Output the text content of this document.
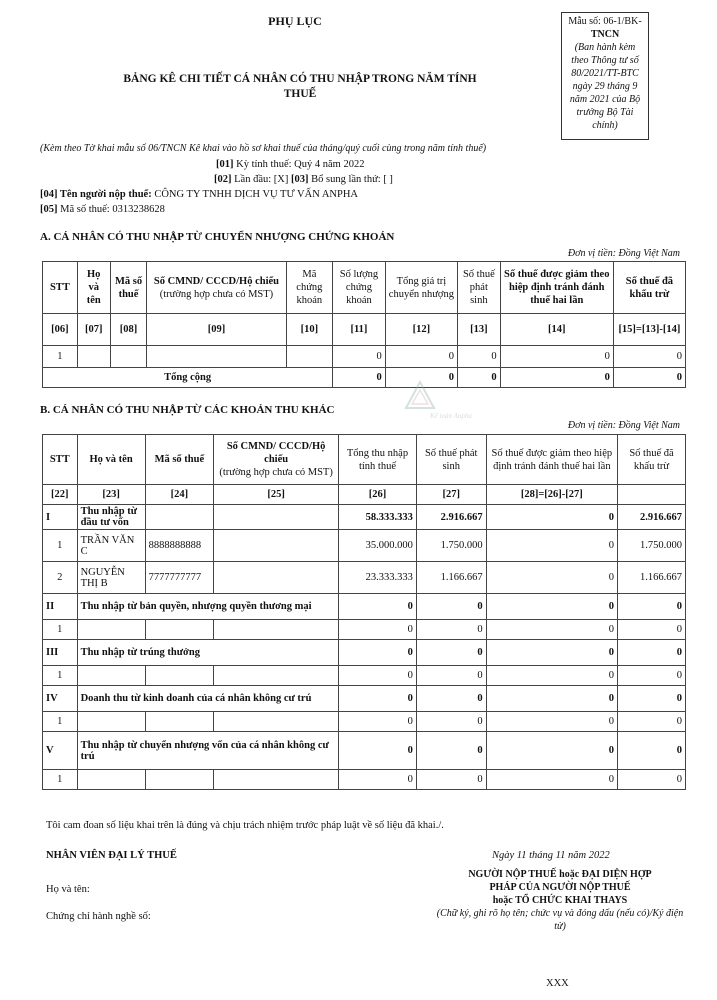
PHỤ LỤC
BẢNG KÊ CHI TIẾT CÁ NHÂN CÓ THU NHẬP TRONG NĂM TÍNH
THUẾ
Mẫu số: 06-1/BK-
TNCN
(Ban hành kèm
theo Thông tư số
80/2021/TT-BTC
ngày 29 tháng 9
năm 2021 của Bộ
trưởng Bộ Tài
chính)
(Kèm theo Tờ khai mẫu số 06/TNCN Kê khai vào hồ sơ khai thuế của tháng/quý cuối cùng trong năm tính thuế)
[01] Kỳ tính thuế: Quý 4 năm 2022
[02] Lần đầu: [X] [03] Bổ sung lần thứ: [ ]
[04] Tên người nộp thuế: CÔNG TY TNHH DỊCH VỤ TƯ VẤN ANPHA
[05] Mã số thuế: 0313238628
A. CÁ NHÂN CÓ THU NHẬP TỪ CHUYỂN NHƯỢNG CHỨNG KHOÁN
Đơn vị tiền: Đồng Việt Nam
STT	Họ và tên	Mã số thuế	Số CMND/ CCCD/Hộ chiếu
(trường hợp chưa có MST)	Mã chứng khoán	Số lượng chứng khoán	Tổng giá trị chuyển nhượng	Số thuế phát sinh	Số thuế được giảm theo hiệp định tránh đánh thuế hai lần	Số thuế đã khấu trừ
[06]	[07]	[08]	[09]	[10]	[11]	[12]	[13]	[14]	[15]=[13]-[14]
1					0	0	0	0	0
Tổng cộng					0	0	0	0	0
Kế toán Anpha
B. CÁ NHÂN CÓ THU NHẬP TỪ CÁC KHOẢN THU KHÁC
Đơn vị tiền: Đồng Việt Nam
STT	Họ và tên	Mã số thuế	Số CMND/ CCCD/Hộ chiếu
(trường hợp chưa có MST)	Tổng thu nhập tính thuế	Số thuế phát sinh	Số thuế được giảm theo hiệp định tránh đánh thuế hai lần	Số thuế đã khấu trừ
[22]	[23]	[24]	[25]	[26]	[27]	[28]=[26]-[27]	
I	Thu nhập từ đầu tư vốn			58.333.333	2.916.667	0	2.916.667
1	TRẦN VĂN C	8888888888		35.000.000	1.750.000	0	1.750.000
2	NGUYỄN THỊ B	7777777777		23.333.333	1.166.667	0	1.166.667
II	Thu nhập từ bản quyền, nhượng quyền thương mại			0	0	0	0
1				0	0	0	0
III	Thu nhập từ trúng thưởng			0	0	0	0
1				0	0	0	0
IV	Doanh thu từ kinh doanh của cá nhân không cư trú			0	0	0	0
1				0	0	0	0
V	Thu nhập từ chuyển nhượng vốn của cá nhân không cư trú			0	0	0	0
1				0	0	0	0
Tôi cam đoan số liệu khai trên là đúng và chịu trách nhiệm trước pháp luật về số liệu đã khai./.
NHÂN VIÊN ĐẠI LÝ THUẾ	Ngày 11 tháng 11 năm 2022
Họ và tên:
Chứng chỉ hành nghề số:
NGƯỜI NỘP THUẾ hoặc ĐẠI DIỆN HỢP
PHÁP CỦA NGƯỜI NỘP THUẾ
hoặc TỔ CHỨC KHAI THAYS
(Chữ ký, ghi rõ họ tên; chức vụ và đóng dấu (nếu có)/Ký điện tử)
XXX
